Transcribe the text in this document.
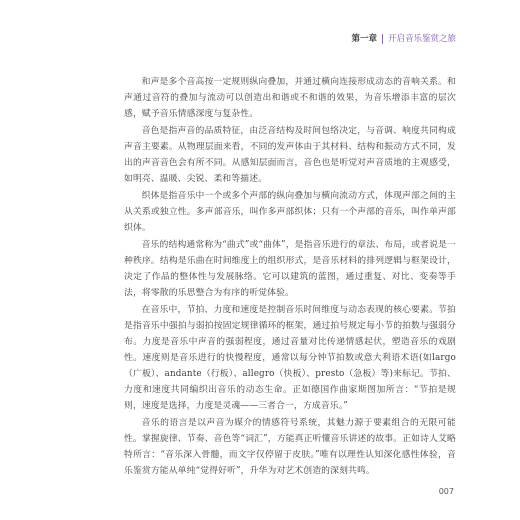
第一章 开启音乐鉴赏之旅

和声是多个音高按一定规则纵向叠加，并通过横向连接形成动态的音响关系。和声通过音符的叠加与流动可以创造出和谐或不和谐的效果，为音乐增添丰富的层次感，赋予音乐情感深度与复杂性。

音色是指声音的品质特征，由泛音结构及时间包络决定，与音调、响度共同构成声音主要素。从物理层面来看，不同的发声体由于其材料、结构和振动方式不同，发出的声音音色会有所不同。从感知层面而言，音色也是听觉对声音质地的主观感受，如明亮、温暖、尖锐、柔和等描述。

织体是指音乐中一个或多个声部的纵向叠加与横向流动方式，体现声部之间的主从关系或独立性。多声部音乐，叫作多声部织体；只有一个声部的音乐，叫作单声部织体。

音乐的结构通常称为“曲式”或“曲体”，是指音乐进行的章法、布局，或者说是一种秩序。结构是乐曲在时间维度上的组织形式，是音乐材料的排列逻辑与框架设计，决定了作品的整体性与发展脉络。它可以建筑的蓝图，通过重复、对比、变奏等手法，将零散的乐思整合为有序的听觉体验。

在音乐中，节拍、力度和速度是控制音乐时间维度与动态表现的核心要素。节拍是指音乐中强拍与弱拍按固定规律循环的框架，通过拍号规定每小节的拍数与强弱分布。力度是音乐中声音的强弱程度，通过音量对比传递情感起伏，塑造音乐的戏剧性。速度则是音乐进行的快慢程度，通常以每分钟节拍数或意大利语术语(如largo（广板）、andante（行板）、allegro（快板）、presto（急板）等)来标记。节拍、力度和速度共同编织出音乐的动态生命。正如德国作曲家斯图加所言：“节拍是规则，速度是选择，力度是灵魂——三者合一，方成音乐。”

音乐的语言是以声音为媒介的情感符号系统，其魅力源于要素组合的无限可能性。掌握旋律、节奏、音色等“词汇”，方能真正听懂音乐讲述的故事。正如诗人艾略特所言：“音乐深入骨髓，而文字仅停留于皮肤。”唯有以理性认知深化感性体验，音乐鉴赏方能从单纯“觉得好听”，升华为对艺术创造的深刻共鸣。

007
